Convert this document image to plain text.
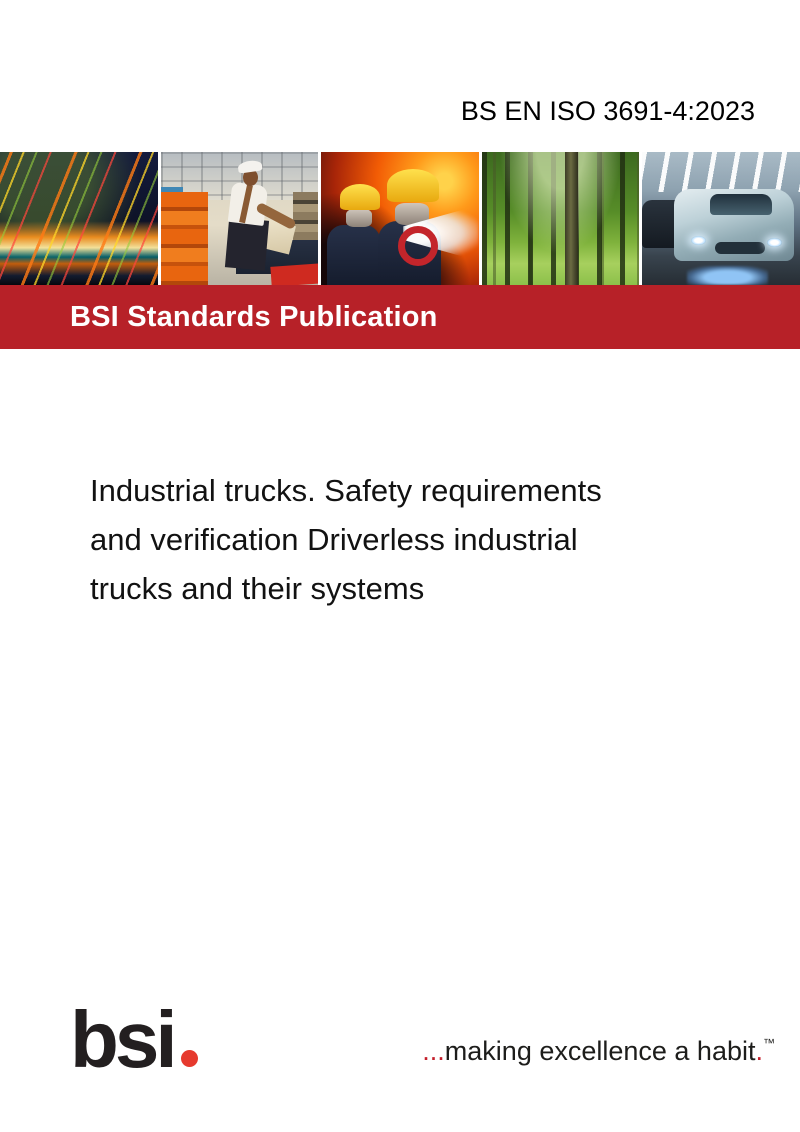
BS EN ISO 3691-4:2023
BSI Standards Publication
Industrial trucks. Safety requirements
and verification Driverless industrial
trucks and their systems
bsi	...making excellence a habit.™
